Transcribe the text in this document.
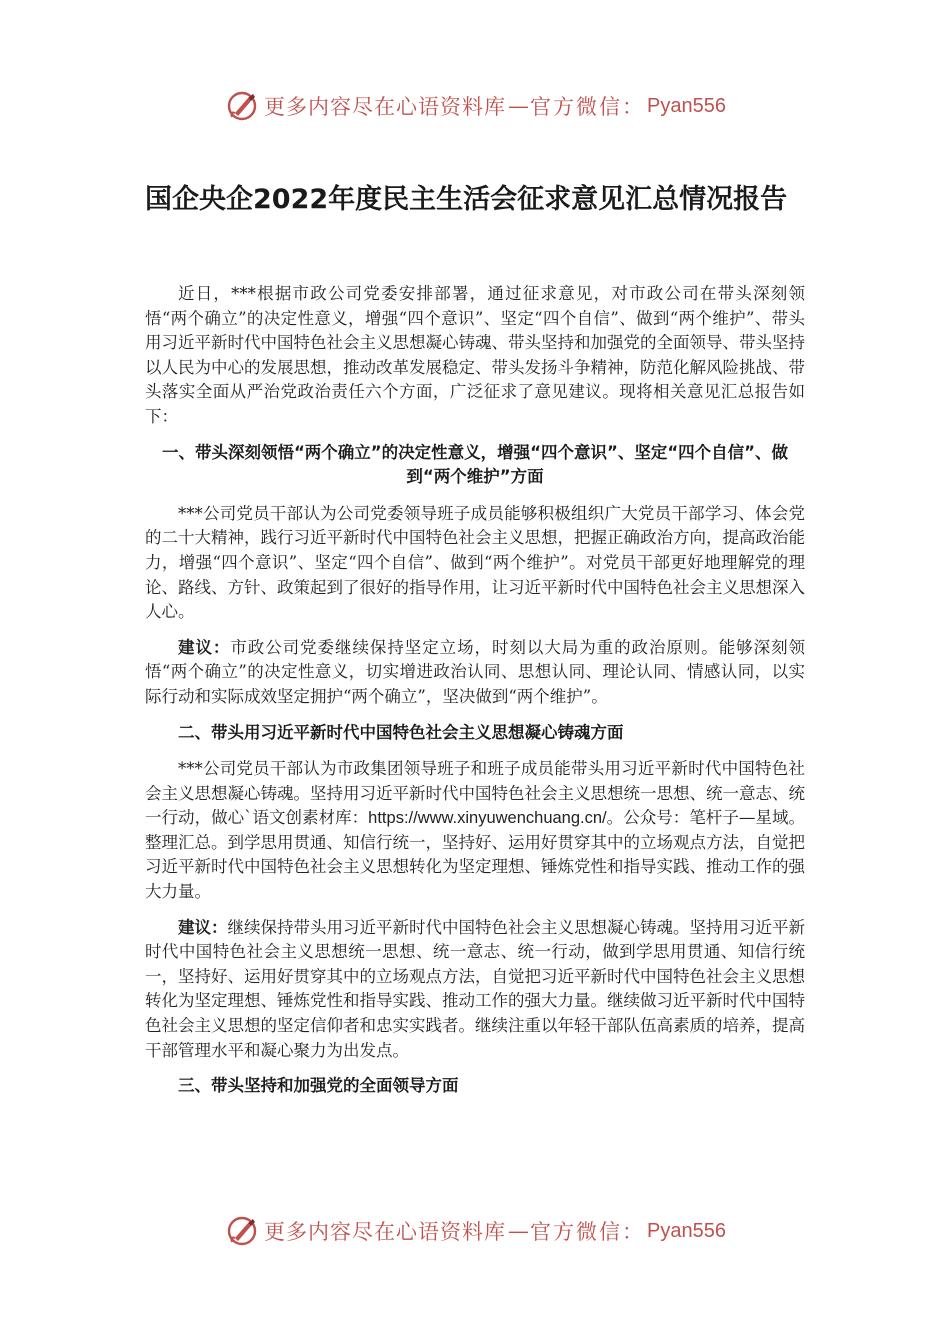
更多内容尽在心语资料库 — 官方微信： Pyan556
国企央企2022年度民主生活会征求意见汇总情况报告

近日，***根据市政公司党委安排部署，通过征求意见，对市政公司在带头深刻领悟“两个确立”的决定性意义，增强“四个意识”、坚定“四个自信”、做到“两个维护”、带头用习近平新时代中国特色社会主义思想凝心铸魂、带头坚持和加强党的全面领导、带头坚持以人民为中心的发展思想，推动改革发展稳定、带头发扬斗争精神，防范化解风险挑战、带头落实全面从严治党政治责任六个方面，广泛征求了意见建议。现将相关意见汇总报告如下：

一、带头深刻领悟“两个确立”的决定性意义，增强“四个意识”、坚定“四个自信”、做到“两个维护”方面

***公司党员干部认为公司党委领导班子成员能够积极组织广大党员干部学习、体会党的二十大精神，践行习近平新时代中国特色社会主义思想，把握正确政治方向，提高政治能力，增强“四个意识”、坚定“四个自信”、做到“两个维护”。对党员干部更好地理解党的理论、路线、方针、政策起到了很好的指导作用，让习近平新时代中国特色社会主义思想深入人心。

建议：市政公司党委继续保持坚定立场，时刻以大局为重的政治原则。能够深刻领悟“两个确立”的决定性意义，切实增进政治认同、思想认同、理论认同、情感认同，以实际行动和实际成效坚定拥护“两个确立”，坚决做到“两个维护”。

二、带头用习近平新时代中国特色社会主义思想凝心铸魂方面

***公司党员干部认为市政集团领导班子和班子成员能带头用习近平新时代中国特色社会主义思想凝心铸魂。坚持用习近平新时代中国特色社会主义思想统一思想、统一意志、统一行动，做心`语文创素材库：https://www.xinyuwenchuang.cn/。公众号：笔杆子—星域。整理汇总。到学思用贯通、知信行统一，坚持好、运用好贯穿其中的立场观点方法，自觉把习近平新时代中国特色社会主义思想转化为坚定理想、锤炼党性和指导实践、推动工作的强大力量。

建议：继续保持带头用习近平新时代中国特色社会主义思想凝心铸魂。坚持用习近平新时代中国特色社会主义思想统一思想、统一意志、统一行动，做到学思用贯通、知信行统一，坚持好、运用好贯穿其中的立场观点方法，自觉把习近平新时代中国特色社会主义思想转化为坚定理想、锤炼党性和指导实践、推动工作的强大力量。继续做习近平新时代中国特色社会主义思想的坚定信仰者和忠实实践者。继续注重以年轻干部队伍高素质的培养，提高干部管理水平和凝心聚力为出发点。

三、带头坚持和加强党的全面领导方面

更多内容尽在心语资料库 — 官方微信： Pyan556
